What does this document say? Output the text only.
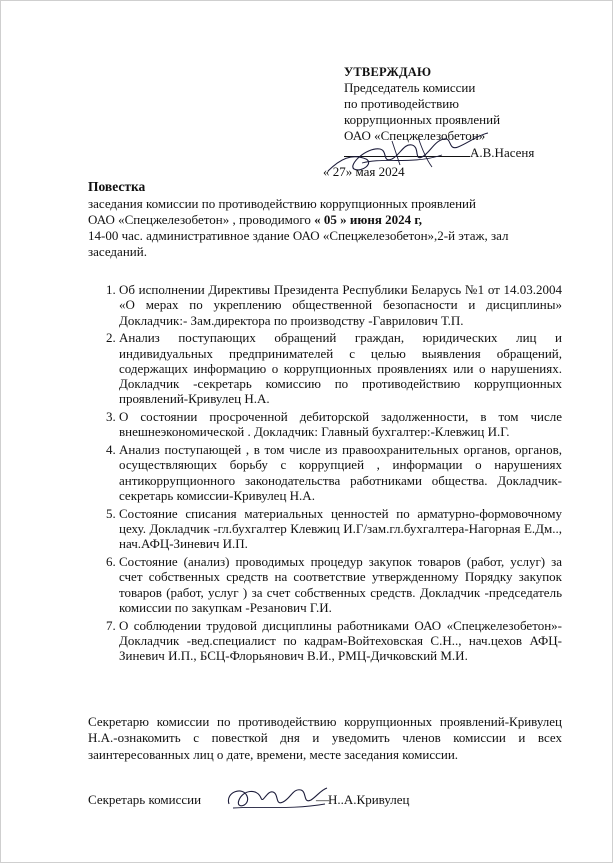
УТВЕРЖДАЮ
Председатель комиссии
по противодействию
коррупционных проявлений
ОАО «Спецжелезобетон»
А.В.Насеня
« 27» мая 2024
Повестка
заседания комиссии по противодействию коррупционных проявлений
ОАО «Спецжелезобетон» , проводимого « 05 » июня 2024 г,
14-00 час. административное здание ОАО «Спецжелезобетон»,2-й этаж, зал заседаний.
1. Об исполнении Директивы Президента Республики Беларусь №1 от 14.03.2004 «О мерах по укреплению общественной безопасности и дисциплины» Докладчик:- Зам.директора по производству -Гаврилович Т.П.
2. Анализ поступающих обращений граждан, юридических лиц и индивидуальных предпринимателей с целью выявления обращений, содержащих информацию о коррупционных проявлениях или о нарушениях. Докладчик -секретарь комиссию по противодействию коррупционных проявлений-Кривулец Н.А.
3. О состоянии просроченной дебиторской задолженности, в том числе внешнеэкономической . Докладчик: Главный бухгалтер:-Клевжиц И.Г.
4. Анализ поступающей , в том числе из правоохранительных органов, органов, осуществляющих борьбу с коррупцией , информации о нарушениях антикоррупционного законодательства работниками общества. Докладчик-секретарь комиссии-Кривулец Н.А.
5. Состояние списания материальных ценностей по арматурно-формовочному цеху. Докладчик -гл.бухгалтер Клевжиц И.Г/зам.гл.бухгалтера-Нагорная Е.Дм.., нач.АФЦ-Зиневич И.П.
6. Состояние (анализ) проводимых процедур закупок товаров (работ, услуг) за счет собственных средств на соответствие утвержденному Порядку закупок товаров (работ, услуг ) за счет собственных средств. Докладчик -председатель комиссии по закупкам -Резанович Г.И.
7. О соблюдении трудовой дисциплины работниками ОАО «Спецжелезобетон»-Докладчик -вед.специалист по кадрам-Войтеховская С.Н.., нач.цехов АФЦ-Зиневич И.П., БСЦ-Флорьянович В.И., РМЦ-Дичковский М.И.
Секретарю комиссии по противодействию коррупционных проявлений-Кривулец Н.А.-ознакомить с повесткой дня и уведомить членов комиссии и всех заинтересованных лиц о дате, времени, месте заседания комиссии.
Секретарь комиссии	— Н..А.Кривулец
